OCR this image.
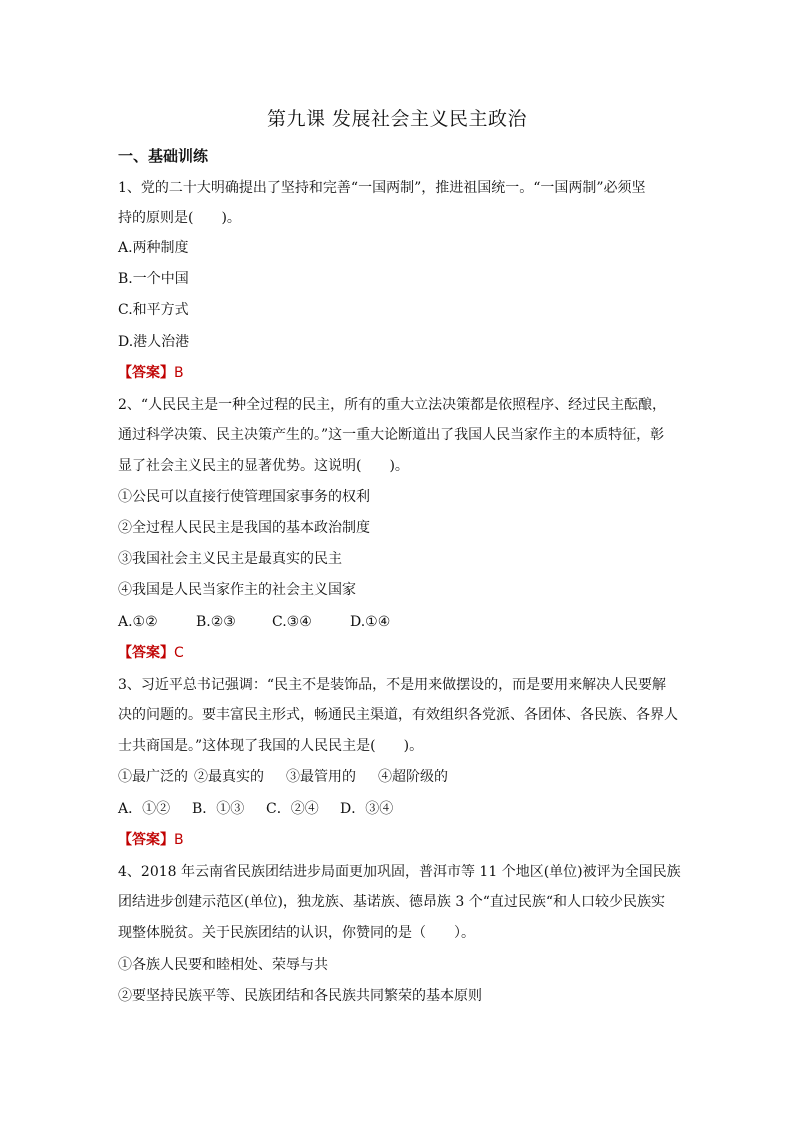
第九课 发展社会主义民主政治
一、基础训练
1、党的二十大明确提出了坚持和完善“一国两制”，推进祖国统一。“一国两制”必须坚
持的原则是(　　)。
A.两种制度
B.一个中国
C.和平方式
D.港人治港
【答案】B
2、“人民民主是一种全过程的民主，所有的重大立法决策都是依照程序、经过民主酝酿，
通过科学决策、民主决策产生的。”这一重大论断道出了我国人民当家作主的本质特征，彰
显了社会主义民主的显著优势。这说明(　　)。
①公民可以直接行使管理国家事务的权利
②全过程人民民主是我国的基本政治制度
③我国社会主义民主是最真实的民主
④我国是人民当家作主的社会主义国家
A.①②	B.②③	C.③④	D.①④
【答案】C
3、习近平总书记强调：“民主不是装饰品，不是用来做摆设的，而是要用来解决人民要解
决的问题的。要丰富民主形式，畅通民主渠道，有效组织各党派、各团体、各民族、各界人
士共商国是。”这体现了我国的人民民主是(　　)。
①最广泛的 ②最真实的 ③最管用的 ④超阶级的
A．①② B．①③ C．②④ D．③④
【答案】B
4、2018 年云南省民族团结进步局面更加巩固，普洱市等 11 个地区(单位)被评为全国民族
团结进步创建示范区(单位)，独龙族、基诺族、德昂族 3 个“直过民族“和人口较少民族实
现整体脱贫。关于民族团结的认识，你赞同的是（　　）。
①各族人民要和睦相处、荣辱与共
②要坚持民族平等、民族团结和各民族共同繁荣的基本原则
